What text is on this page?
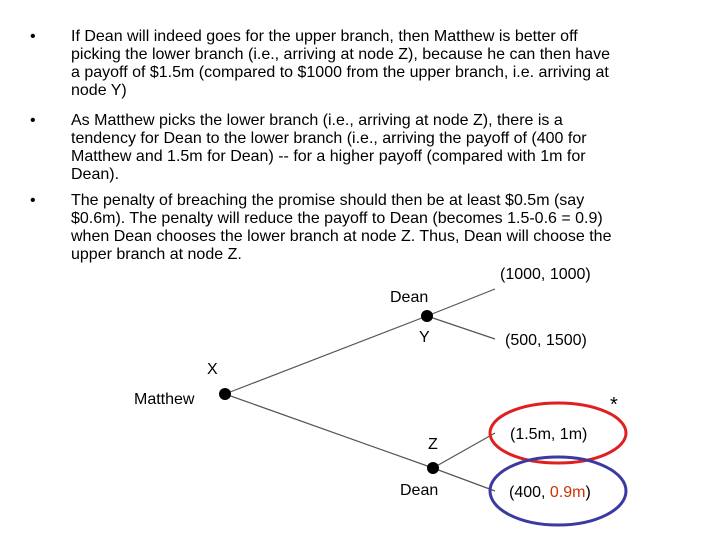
• If Dean will indeed goes for the upper branch, then Matthew is better off
picking the lower branch (i.e., arriving at node Z), because he can then have
a payoff of $1.5m (compared to $1000 from the upper branch, i.e. arriving at
node Y)
• As Matthew picks the lower branch (i.e., arriving at node Z), there is a
tendency for Dean to the lower branch (i.e., arriving the payoff of (400 for
Matthew and 1.5m for Dean) -- for a higher payoff (compared with 1m for
Dean).
• The penalty of breaching the promise should then be at least $0.5m (say
$0.6m). The penalty will reduce the payoff to Dean (becomes 1.5-0.6 = 0.9)
when Dean chooses the lower branch at node Z. Thus, Dean will choose the
upper branch at node Z.
Dean
Y
X
Matthew
Z
Dean
(1000, 1000)
(500, 1500)
(1.5m, 1m)
(400, 0.9m)
*
